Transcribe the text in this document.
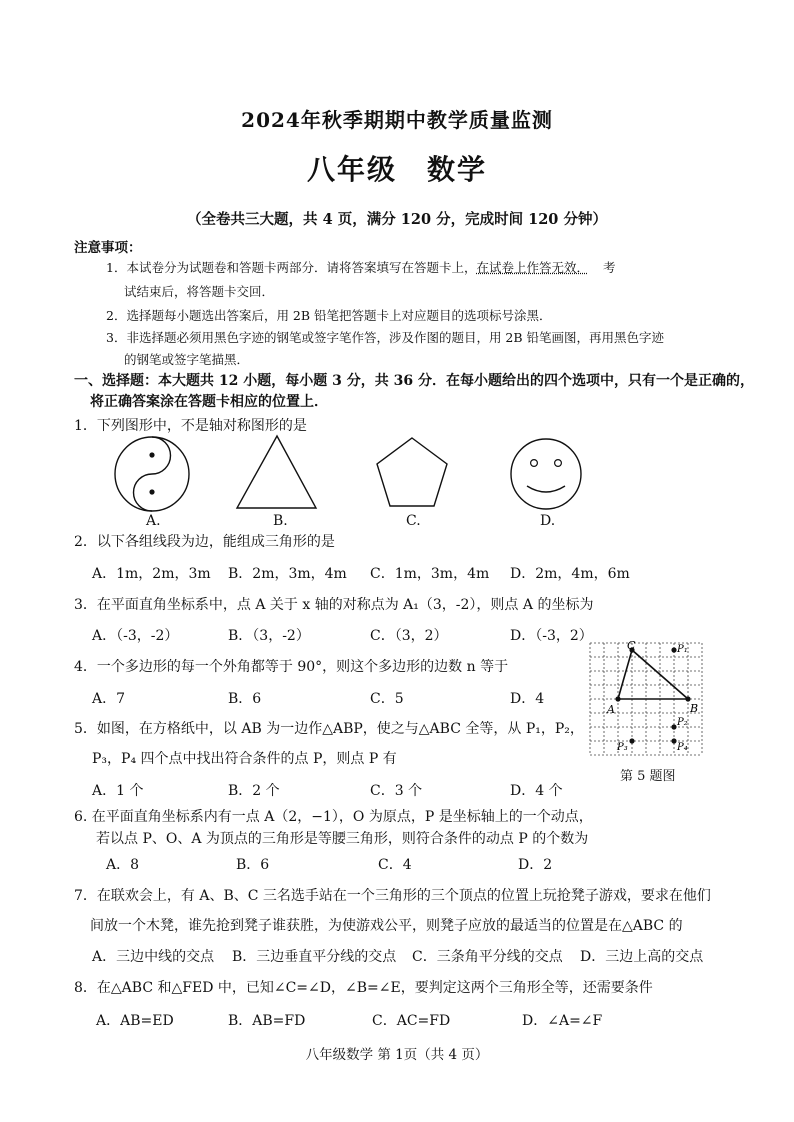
2024年秋季期期中教学质量监测
八年级　数学
（全卷共三大题，共 4 页，满分 120 分，完成时间 120 分钟）
注意事项：
1．本试卷分为试题卷和答题卡两部分．请将答案填写在答题卡上，在试卷上作答无效． 考
试结束后，将答题卡交回．
2．选择题每小题选出答案后，用 2B 铅笔把答题卡上对应题目的选项标号涂黑．
3．非选择题必须用黑色字迹的钢笔或签字笔作答，涉及作图的题目，用 2B 铅笔画图，再用黑色字迹
的钢笔或签字笔描黑．
一、选择题：本大题共 12 小题，每小题 3 分，共 36 分．在每小题给出的四个选项中，只有一个是正确的，
将正确答案涂在答题卡相应的位置上．
1．下列图形中，不是轴对称图形的是
A.	B.	C.	D.
2．以下各组线段为边，能组成三角形的是
A．1m，2m，3m B．2m，3m，4m C．1m，3m，4m D．2m，4m，6m
3．在平面直角坐标系中，点 A 关于 x 轴的对称点为 A₁（3，-2），则点 A 的坐标为
A．（-3，-2）	B．（3，-2）	C．（3，2）	D．（-3，2）
4．一个多边形的每一个外角都等于 90°，则这个多边形的边数 n 等于
A．7	B．6	C．5	D．4
A	B
C	P₁
P₂
P₃	P₄
第 5 题图
5．如图，在方格纸中，以 AB 为一边作△ABP，使之与△ABC 全等，从 P₁，P₂，
P₃，P₄ 四个点中找出符合条件的点 P，则点 P 有
A．1 个	B．2 个	C．3 个	D．4 个
6. 在平面直角坐标系内有一点 A（2，−1），O 为原点，P 是坐标轴上的一个动点，
若以点 P、O、A 为顶点的三角形是等腰三角形，则符合条件的动点 P 的个数为
A．8	B．6	C．4	D．2
7．在联欢会上，有 A、B、C 三名选手站在一个三角形的三个顶点的位置上玩抢凳子游戏，要求在他们
间放一个木凳，谁先抢到凳子谁获胜，为使游戏公平，则凳子应放的最适当的位置是在△ABC 的
A．三边中线的交点 B．三边垂直平分线的交点 C．三条角平分线的交点 D．三边上高的交点
8．在△ABC 和△FED 中，已知∠C=∠D，∠B=∠E，要判定这两个三角形全等，还需要条件
A．AB=ED	B．AB=FD	C．AC=FD	D．∠A=∠F
八年级数学 第 1页（共 4 页）
